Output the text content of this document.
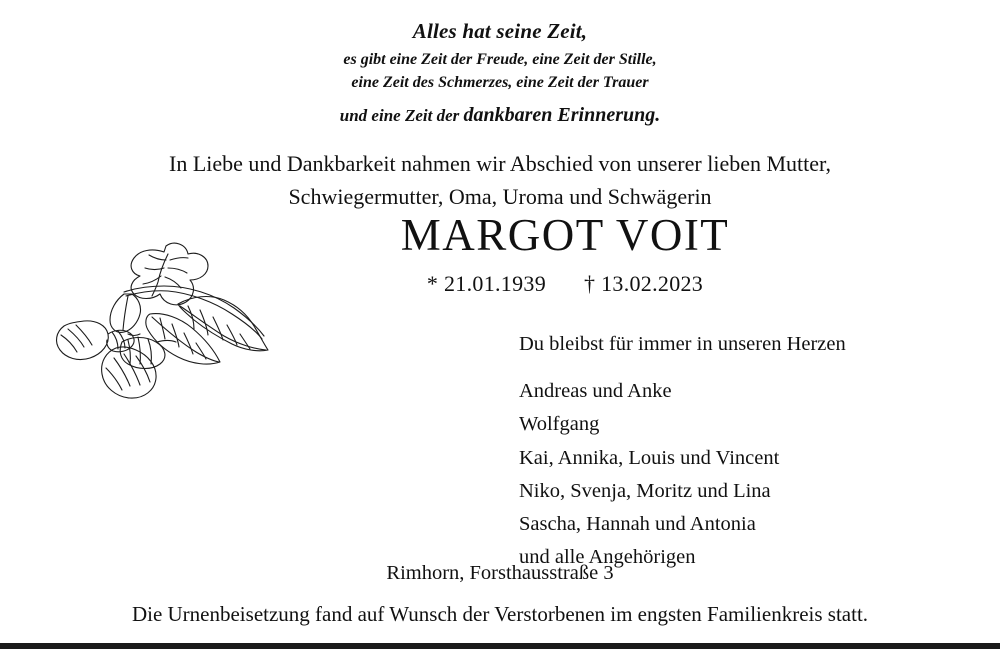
Alles hat seine Zeit,
es gibt eine Zeit der Freude, eine Zeit der Stille,
eine Zeit des Schmerzes, eine Zeit der Trauer
und eine Zeit der dankbaren Erinnerung.
In Liebe und Dankbarkeit nahmen wir Abschied von unserer lieben Mutter,
Schwiegermutter, Oma, Uroma und Schwägerin
MARGOT VOIT
* 21.01.1939 † 13.02.2023
Du bleibst für immer in unseren Herzen
Andreas und Anke
Wolfgang
Kai, Annika, Louis und Vincent
Niko, Svenja, Moritz und Lina
Sascha, Hannah und Antonia
und alle Angehörigen
Rimhorn, Forsthausstraße 3
Die Urnenbeisetzung fand auf Wunsch der Verstorbenen im engsten Familienkreis statt.
